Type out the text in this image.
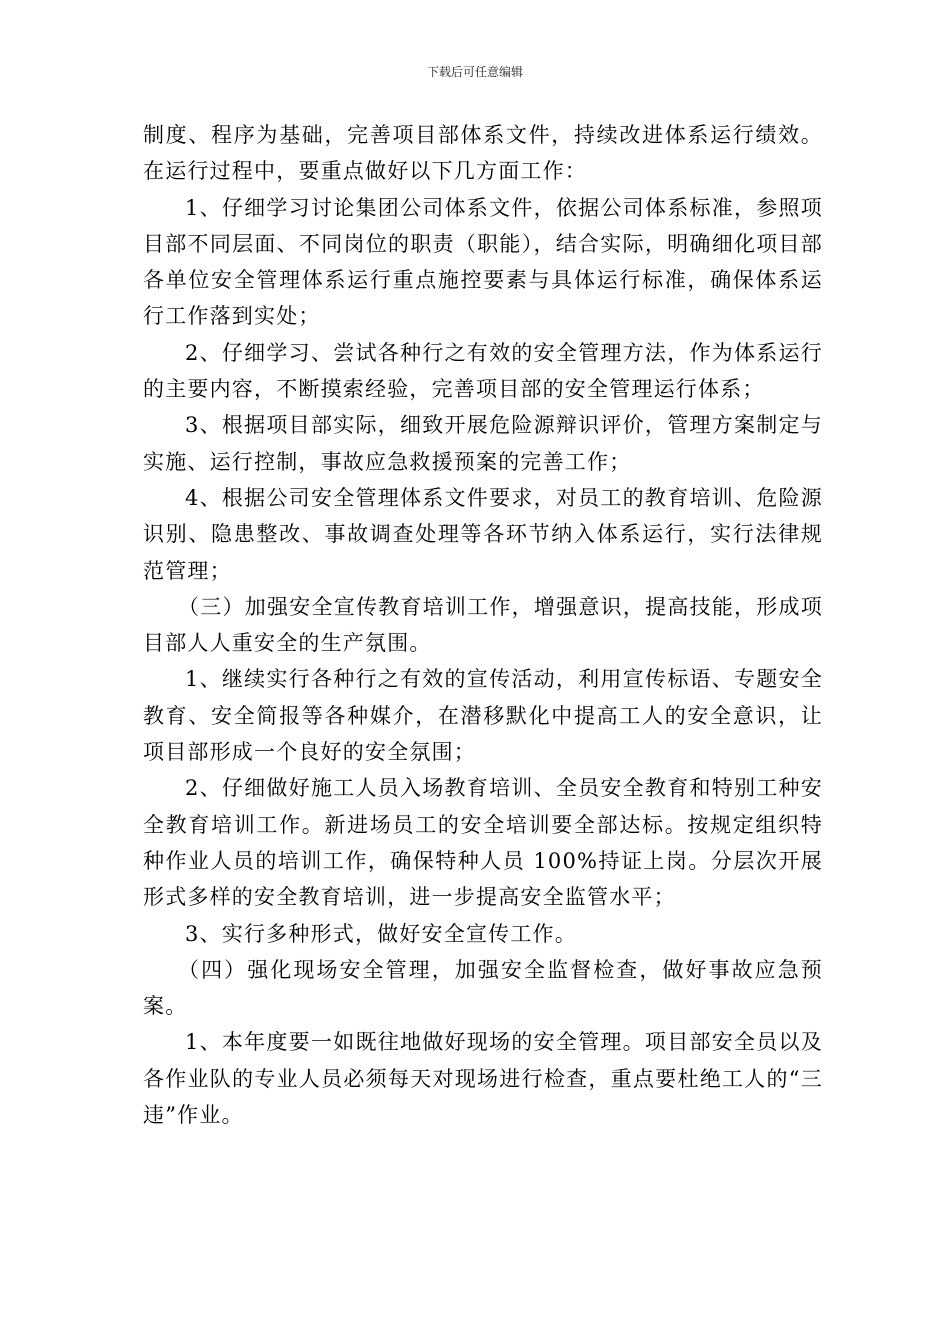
下载后可任意编辑

制度、程序为基础，完善项目部体系文件，持续改进体系运行绩效。在运行过程中，要重点做好以下几方面工作：

1、仔细学习讨论集团公司体系文件，依据公司体系标准，参照项目部不同层面、不同岗位的职责（职能），结合实际，明确细化项目部各单位安全管理体系运行重点施控要素与具体运行标准，确保体系运行工作落到实处；

2、仔细学习、尝试各种行之有效的安全管理方法，作为体系运行的主要内容，不断摸索经验，完善项目部的安全管理运行体系；

3、根据项目部实际，细致开展危险源辩识评价，管理方案制定与实施、运行控制，事故应急救援预案的完善工作；

4、根据公司安全管理体系文件要求，对员工的教育培训、危险源识别、隐患整改、事故调查处理等各环节纳入体系运行，实行法律规范管理；

（三）加强安全宣传教育培训工作，增强意识，提高技能，形成项目部人人重安全的生产氛围。

1、继续实行各种行之有效的宣传活动，利用宣传标语、专题安全教育、安全简报等各种媒介，在潜移默化中提高工人的安全意识，让项目部形成一个良好的安全氛围；

2、仔细做好施工人员入场教育培训、全员安全教育和特别工种安全教育培训工作。新进场员工的安全培训要全部达标。按规定组织特种作业人员的培训工作，确保特种人员 100%持证上岗。分层次开展形式多样的安全教育培训，进一步提高安全监管水平；

3、实行多种形式，做好安全宣传工作。

（四）强化现场安全管理，加强安全监督检查，做好事故应急预案。

1、本年度要一如既往地做好现场的安全管理。项目部安全员以及各作业队的专业人员必须每天对现场进行检查，重点要杜绝工人的“三违”作业。
